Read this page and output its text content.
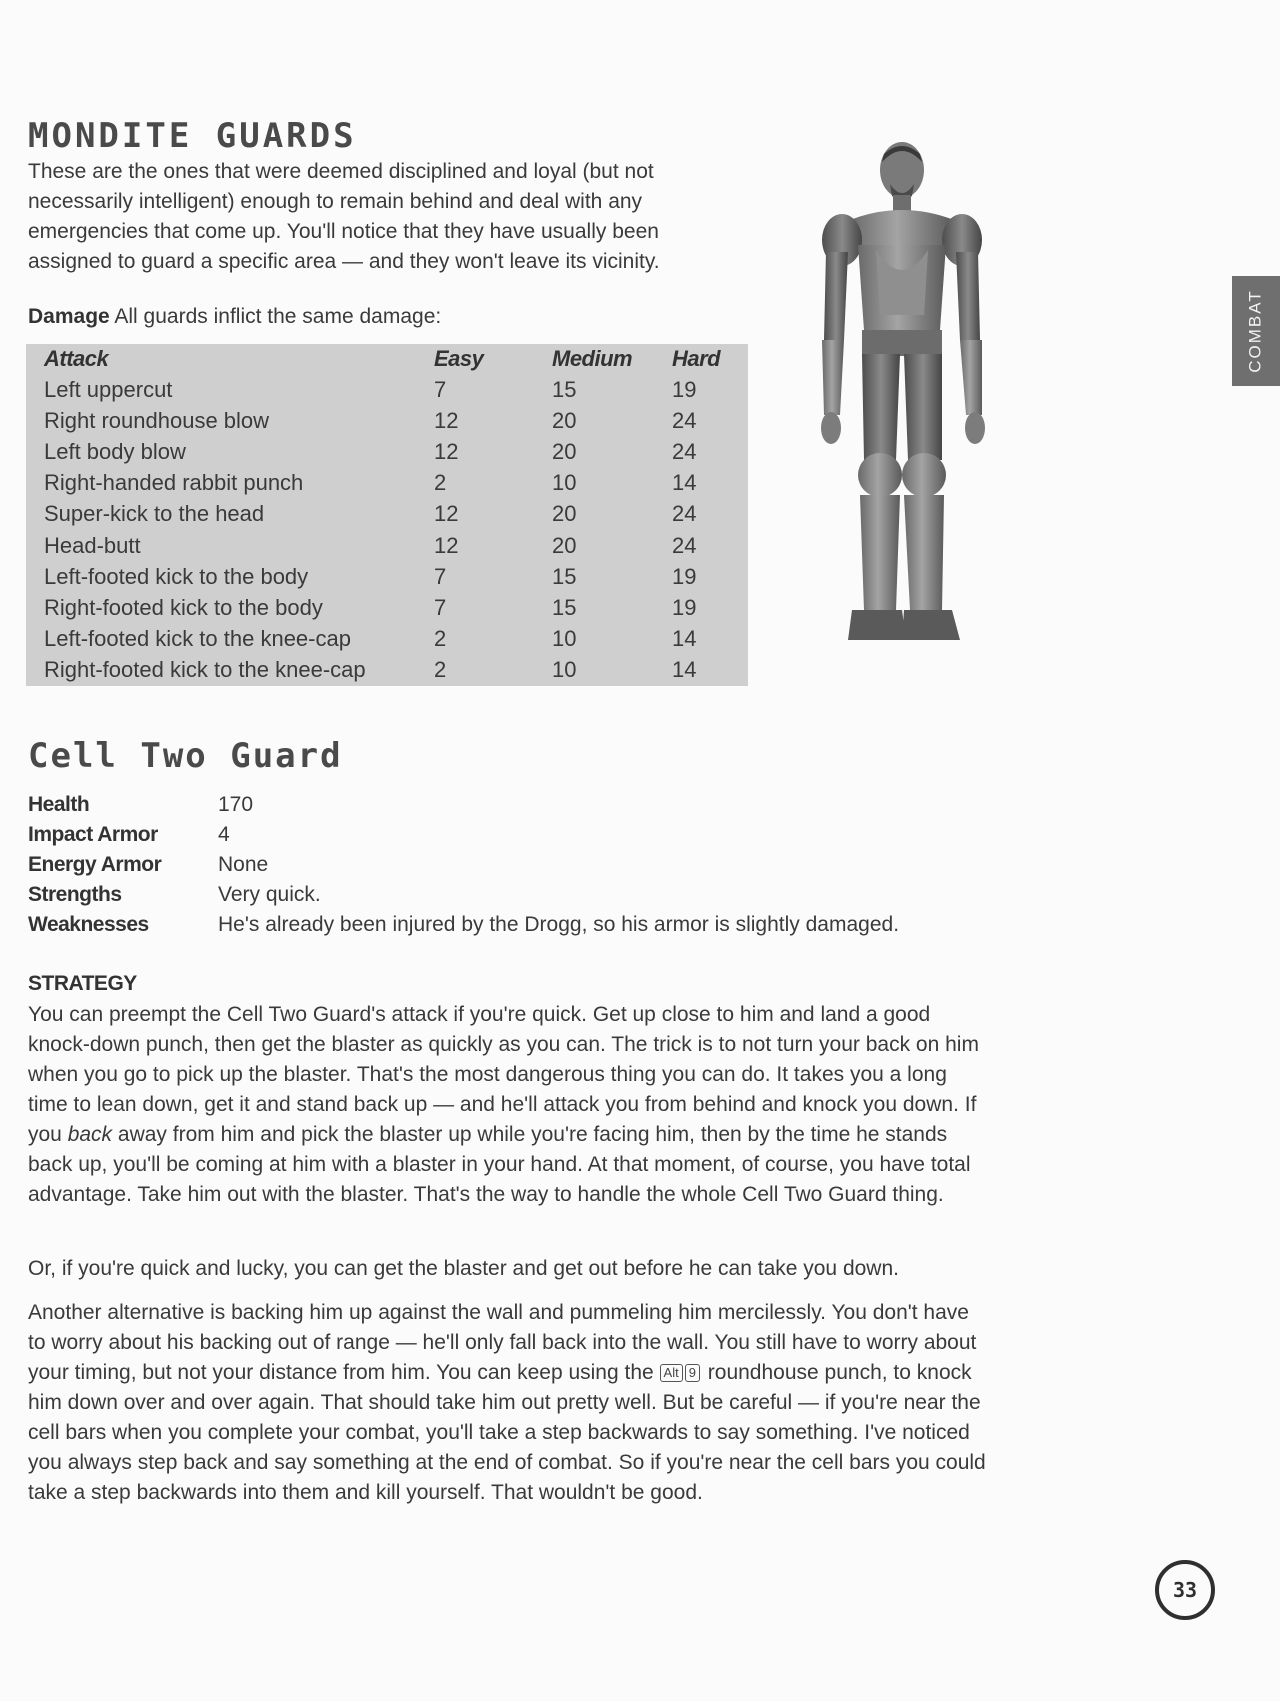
MONDITE GUARDS

These are the ones that were deemed disciplined and loyal (but not necessarily intelligent) enough to remain behind and deal with any emergencies that come up. You'll notice that they have usually been assigned to guard a specific area — and they won't leave its vicinity.

Damage All guards inflict the same damage:

Attack	Easy	Medium	Hard
Left uppercut	7	15	19
Right roundhouse blow	12	20	24
Left body blow	12	20	24
Right-handed rabbit punch	2	10	14
Super-kick to the head	12	20	24
Head-butt	12	20	24
Left-footed kick to the body	7	15	19
Right-footed kick to the body	7	15	19
Left-footed kick to the knee-cap	2	10	14
Right-footed kick to the knee-cap	2	10	14
COMBAT
Cell Two Guard
Health	170
Impact Armor	4
Energy Armor	None
Strengths	Very quick.
Weaknesses	He's already been injured by the Drogg, so his armor is slightly damaged.
STRATEGY

You can preempt the Cell Two Guard's attack if you're quick. Get up close to him and land a good knock-down punch, then get the blaster as quickly as you can. The trick is to not turn your back on him when you go to pick up the blaster. That's the most dangerous thing you can do. It takes you a long time to lean down, get it and stand back up — and he'll attack you from behind and knock you down. If you back away from him and pick the blaster up while you're facing him, then by the time he stands back up, you'll be coming at him with a blaster in your hand. At that moment, of course, you have total advantage. Take him out with the blaster. That's the way to handle the whole Cell Two Guard thing.

Or, if you're quick and lucky, you can get the blaster and get out before he can take you down.

Another alternative is backing him up against the wall and pummeling him mercilessly. You don't have to worry about his backing out of range — he'll only fall back into the wall. You still have to worry about your timing, but not your distance from him. You can keep using the Alt 9 roundhouse punch, to knock him down over and over again. That should take him out pretty well. But be careful — if you're near the cell bars when you complete your combat, you'll take a step backwards to say something. I've noticed you always step back and say something at the end of combat. So if you're near the cell bars you could take a step backwards into them and kill yourself. That wouldn't be good.

33
